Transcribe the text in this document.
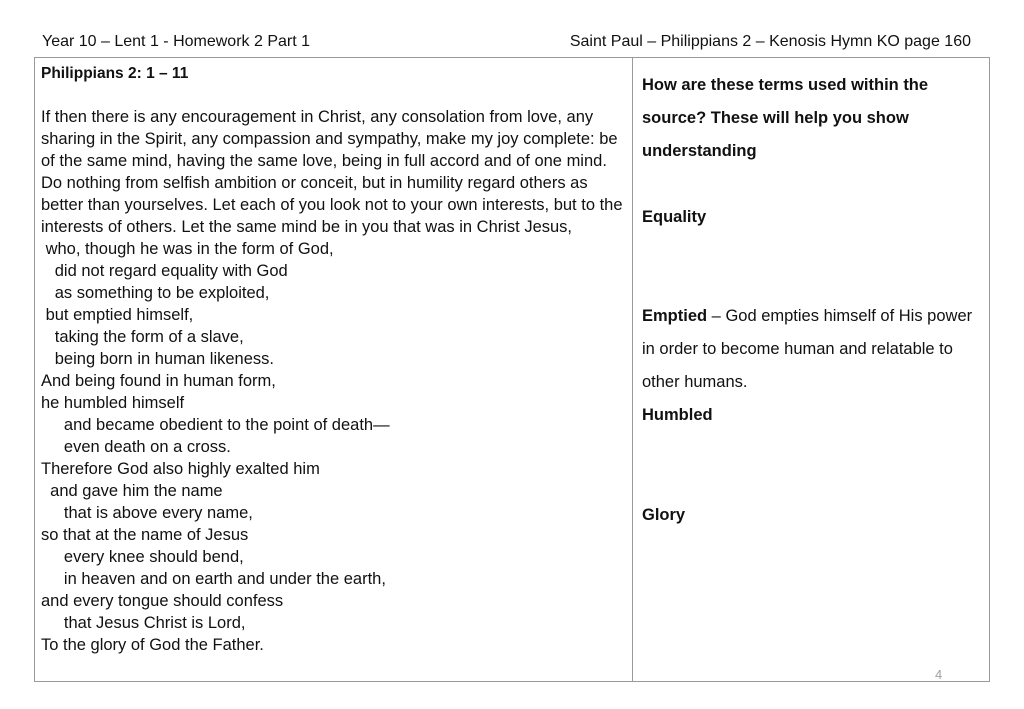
Year 10 – Lent 1 - Homework 2 Part 1	Saint Paul – Philippians 2 – Kenosis Hymn KO page 160

Philippians 2: 1 – 11

If then there is any encouragement in Christ, any consolation from love, any sharing in the Spirit, any compassion and sympathy, make my joy complete: be of the same mind, having the same love, being in full accord and of one mind. Do nothing from selfish ambition or conceit, but in humility regard others as better than yourselves. Let each of you look not to your own interests, but to the interests of others. Let the same mind be in you that was in Christ Jesus,

who, though he was in the form of God,
did not regard equality with God
as something to be exploited,
but emptied himself,
taking the form of a slave,
being born in human likeness.
And being found in human form,
he humbled himself
and became obedient to the point of death—
even death on a cross.
Therefore God also highly exalted him
and gave him the name
that is above every name,
so that at the name of Jesus
every knee should bend,
in heaven and on earth and under the earth,
and every tongue should confess
that Jesus Christ is Lord,
To the glory of God the Father.

How are these terms used within the source? These will help you show understanding

Equality

Emptied – God empties himself of His power in order to become human and relatable to other humans.

Humbled

Glory

4
